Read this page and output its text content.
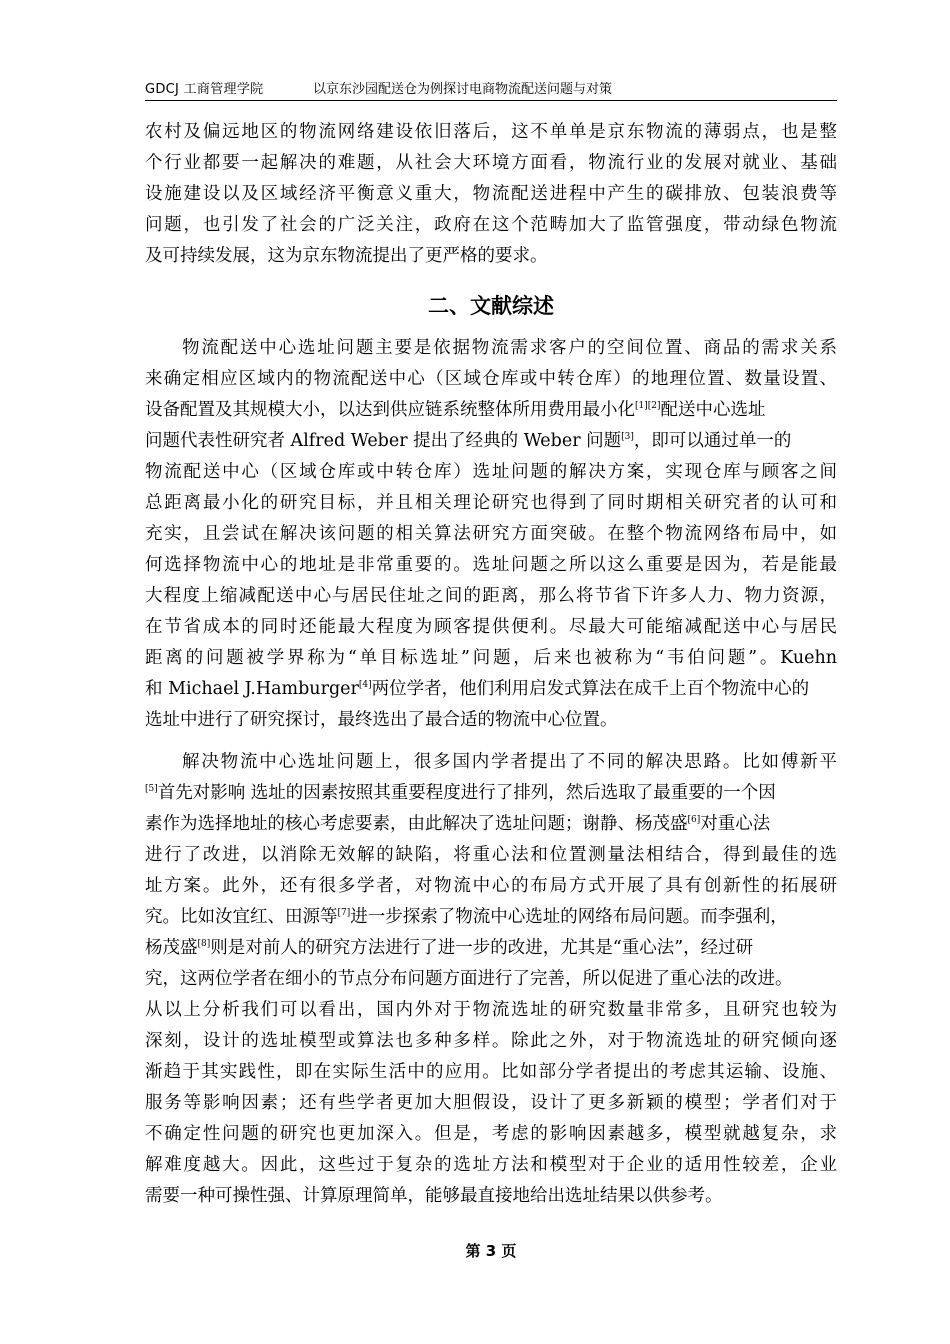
GDCJ 工商管理学院	以京东沙园配送仓为例探讨电商物流配送问题与对策
农村及偏远地区的物流网络建设依旧落后，这不单单是京东物流的薄弱点，也是整
个行业都要一起解决的难题，从社会大环境方面看，物流行业的发展对就业、基础
设施建设以及区域经济平衡意义重大，物流配送进程中产生的碳排放、包装浪费等
问题，也引发了社会的广泛关注，政府在这个范畴加大了监管强度，带动绿色物流
及可持续发展，这为京东物流提出了更严格的要求。
二、文献综述
物流配送中心选址问题主要是依据物流需求客户的空间位置、商品的需求关系
来确定相应区域内的物流配送中心（区域仓库或中转仓库）的地理位置、数量设置、
设备配置及其规模大小，以达到供应链系统整体所用费用最小化[1][2]配送中心选址
问题代表性研究者 Alfred Weber 提出了经典的 Weber 问题[3]，即可以通过单一的
物流配送中心（区域仓库或中转仓库）选址问题的解决方案，实现仓库与顾客之间
总距离最小化的研究目标，并且相关理论研究也得到了同时期相关研究者的认可和
充实，且尝试在解决该问题的相关算法研究方面突破。在整个物流网络布局中，如
何选择物流中心的地址是非常重要的。选址问题之所以这么重要是因为，若是能最
大程度上缩减配送中心与居民住址之间的距离，那么将节省下许多人力、物力资源，
在节省成本的同时还能最大程度为顾客提供便利。尽最大可能缩减配送中心与居民
距离的问题被学界称为“单目标选址”问题，后来也被称为“韦伯问题”。Kuehn
和 Michael J.Hamburger[4]两位学者，他们利用启发式算法在成千上百个物流中心的
选址中进行了研究探讨，最终选出了最合适的物流中心位置。
解决物流中心选址问题上，很多国内学者提出了不同的解决思路。比如傅新平
[5]首先对影响 选址的因素按照其重要程度进行了排列，然后选取了最重要的一个因
素作为选择地址的核心考虑要素，由此解决了选址问题；谢静、杨茂盛[6]对重心法
进行了改进，以消除无效解的缺陷，将重心法和位置测量法相结合，得到最佳的选
址方案。此外，还有很多学者，对物流中心的布局方式开展了具有创新性的拓展研
究。比如汝宜红、田源等[7]进一步探索了物流中心选址的网络布局问题。而李强利，
杨茂盛[8]则是对前人的研究方法进行了进一步的改进，尤其是“重心法”，经过研
究，这两位学者在细小的节点分布问题方面进行了完善，所以促进了重心法的改进。
从以上分析我们可以看出，国内外对于物流选址的研究数量非常多，且研究也较为
深刻，设计的选址模型或算法也多种多样。除此之外，对于物流选址的研究倾向逐
渐趋于其实践性，即在实际生活中的应用。比如部分学者提出的考虑其运输、设施、
服务等影响因素；还有些学者更加大胆假设，设计了更多新颖的模型；学者们对于
不确定性问题的研究也更加深入。但是，考虑的影响因素越多，模型就越复杂，求
解难度越大。因此，这些过于复杂的选址方法和模型对于企业的适用性较差，企业
需要一种可操性强、计算原理简单，能够最直接地给出选址结果以供参考。
第 3 页
